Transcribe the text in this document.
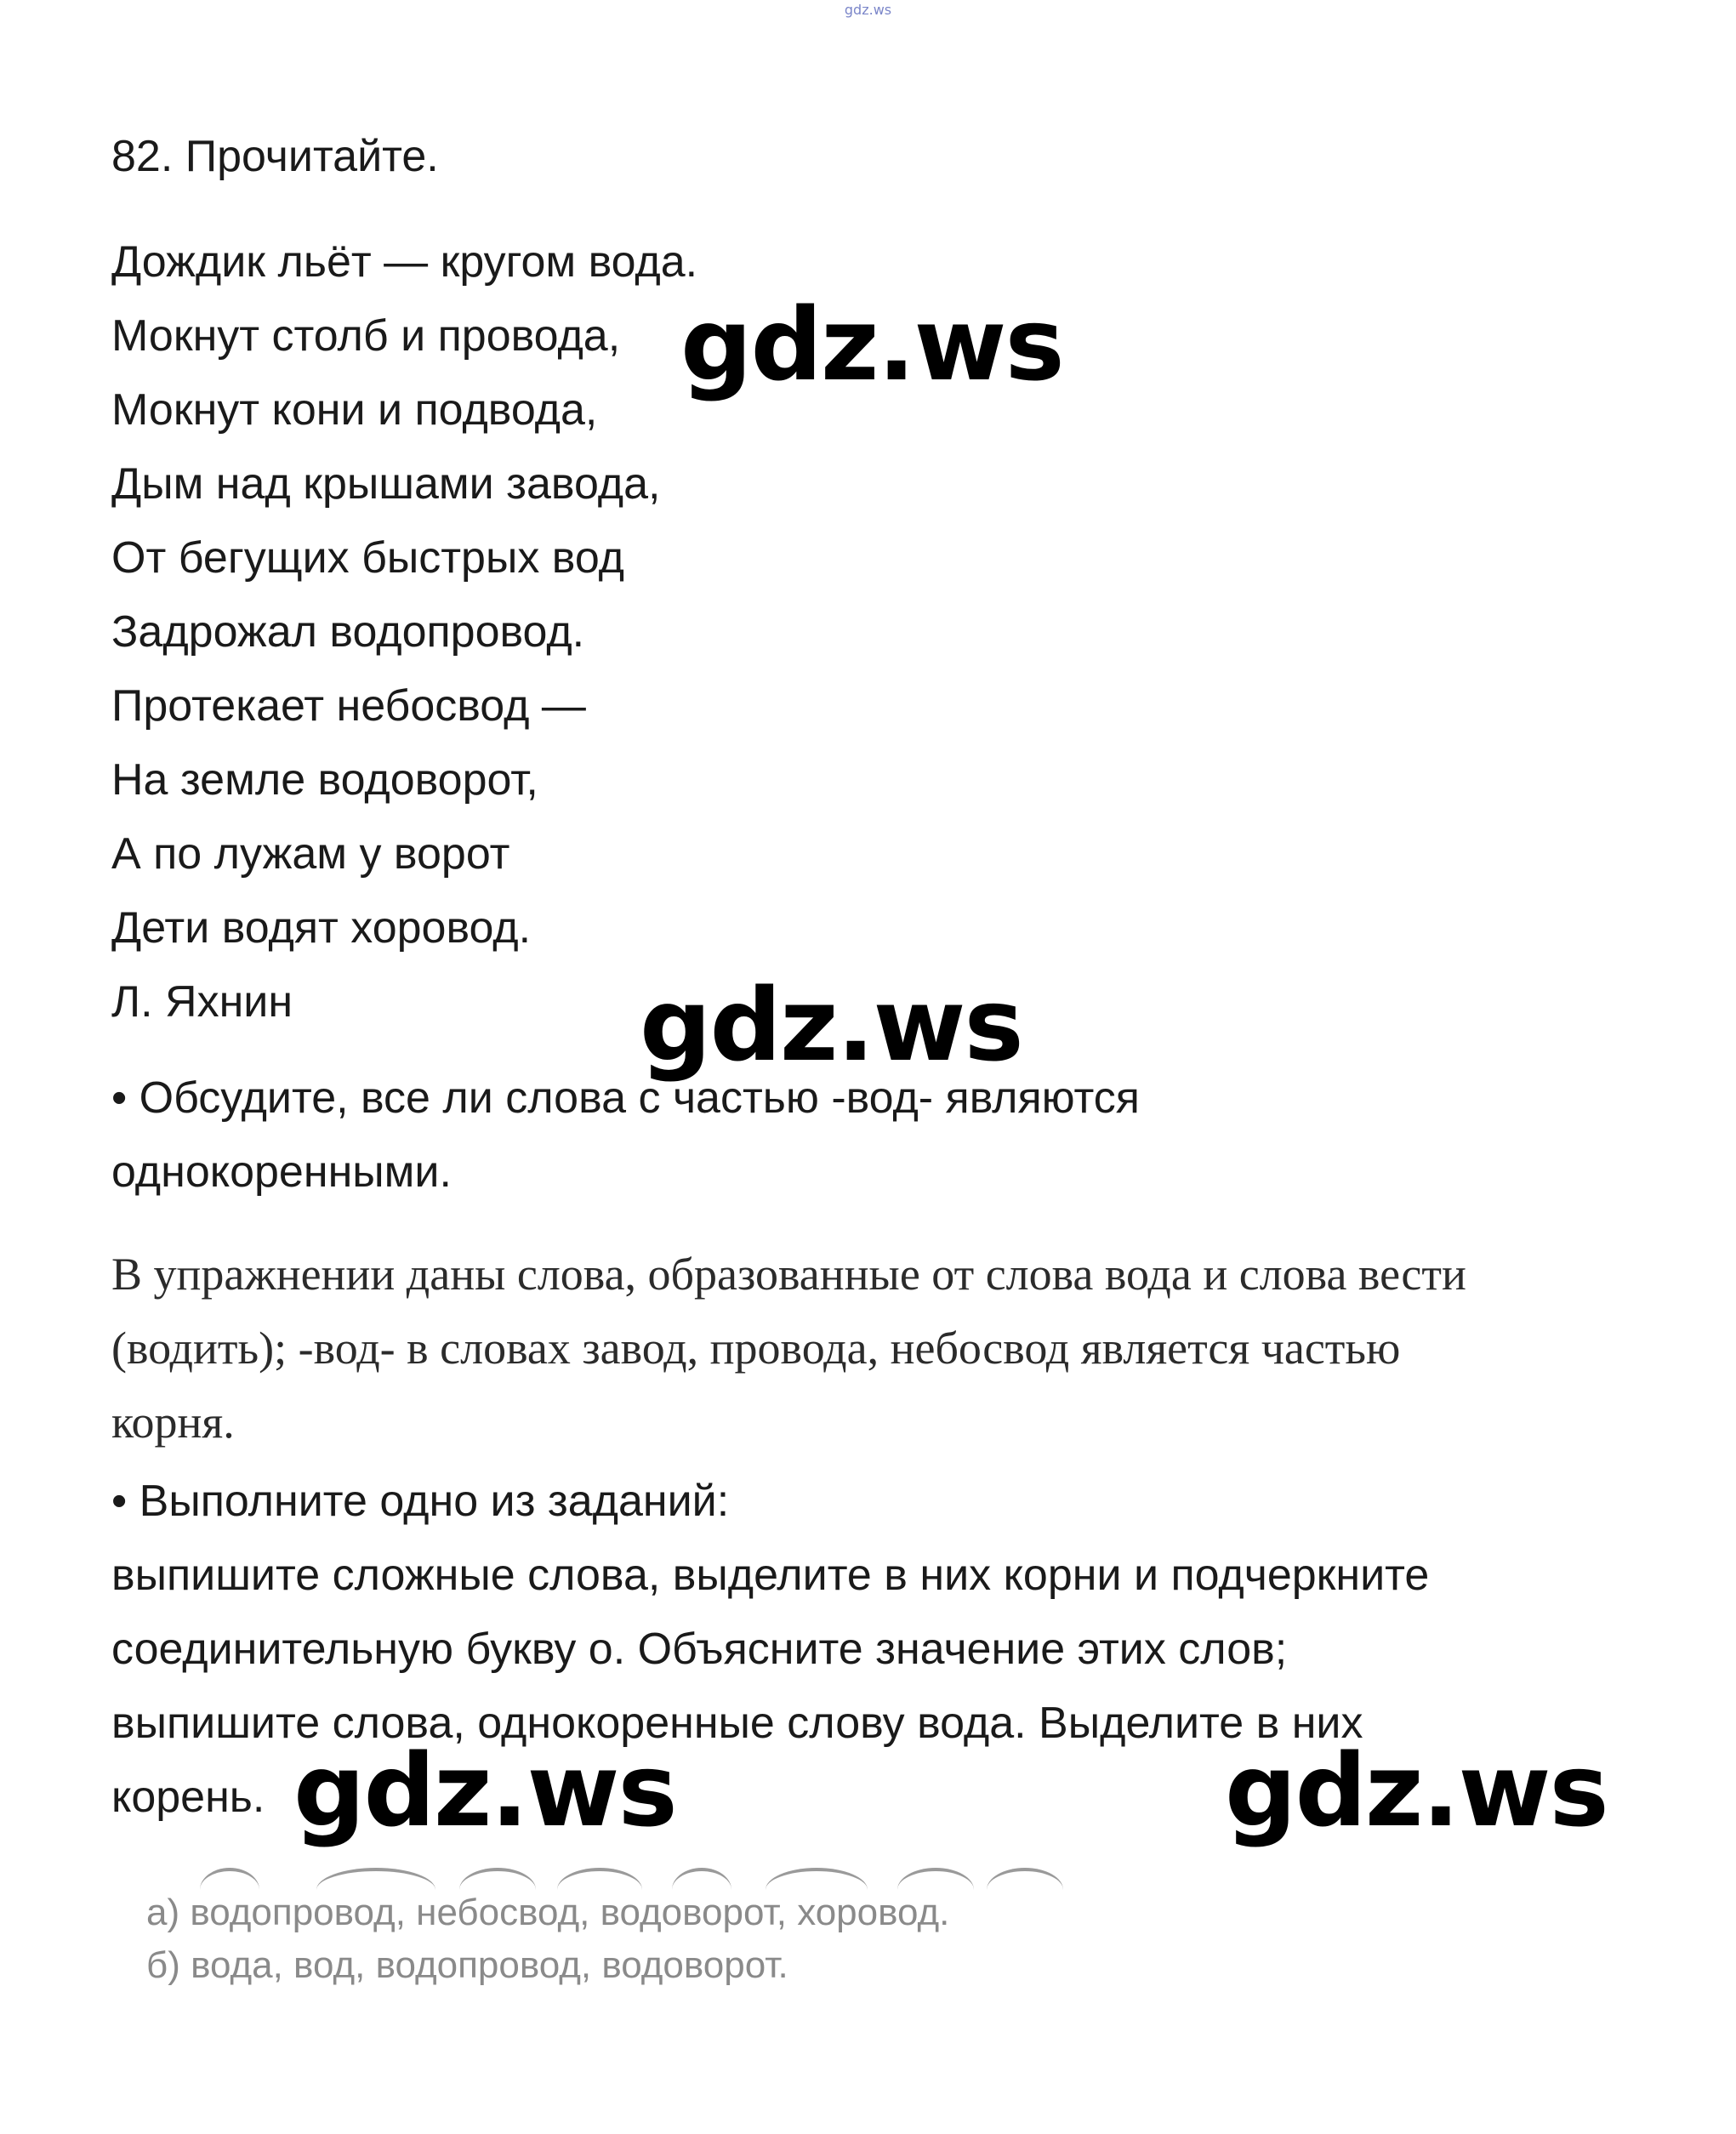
gdz.ws
82. Прочитайте.
Дождик льёт — кругом вода.
Мокнут столб и провода,
Мокнут кони и подвода,
Дым над крышами завода,
От бегущих быстрых вод
Задрожал водопровод.
Протекает небосвод —
На земле водоворот,
А по лужам у ворот
Дети водят хоровод.
Л. Яхнин
• Обсудите, все ли слова с частью -вод- являются
однокоренными.
В упражнении даны слова, образованные от слова вода и слова вести
(водить); -вод- в словах завод, провода, небосвод является частью
корня.
• Выполните одно из заданий:
выпишите сложные слова, выделите в них корни и подчеркните
соединительную букву о. Объясните значение этих слов;
выпишите слова, однокоренные слову вода. Выделите в них
корень.
а) водопровод, небосвод, водоворот, хоровод.
б) вода, вод, водопровод, водоворот.
gdz.ws
gdz.ws
gdz.ws	gdz.ws
